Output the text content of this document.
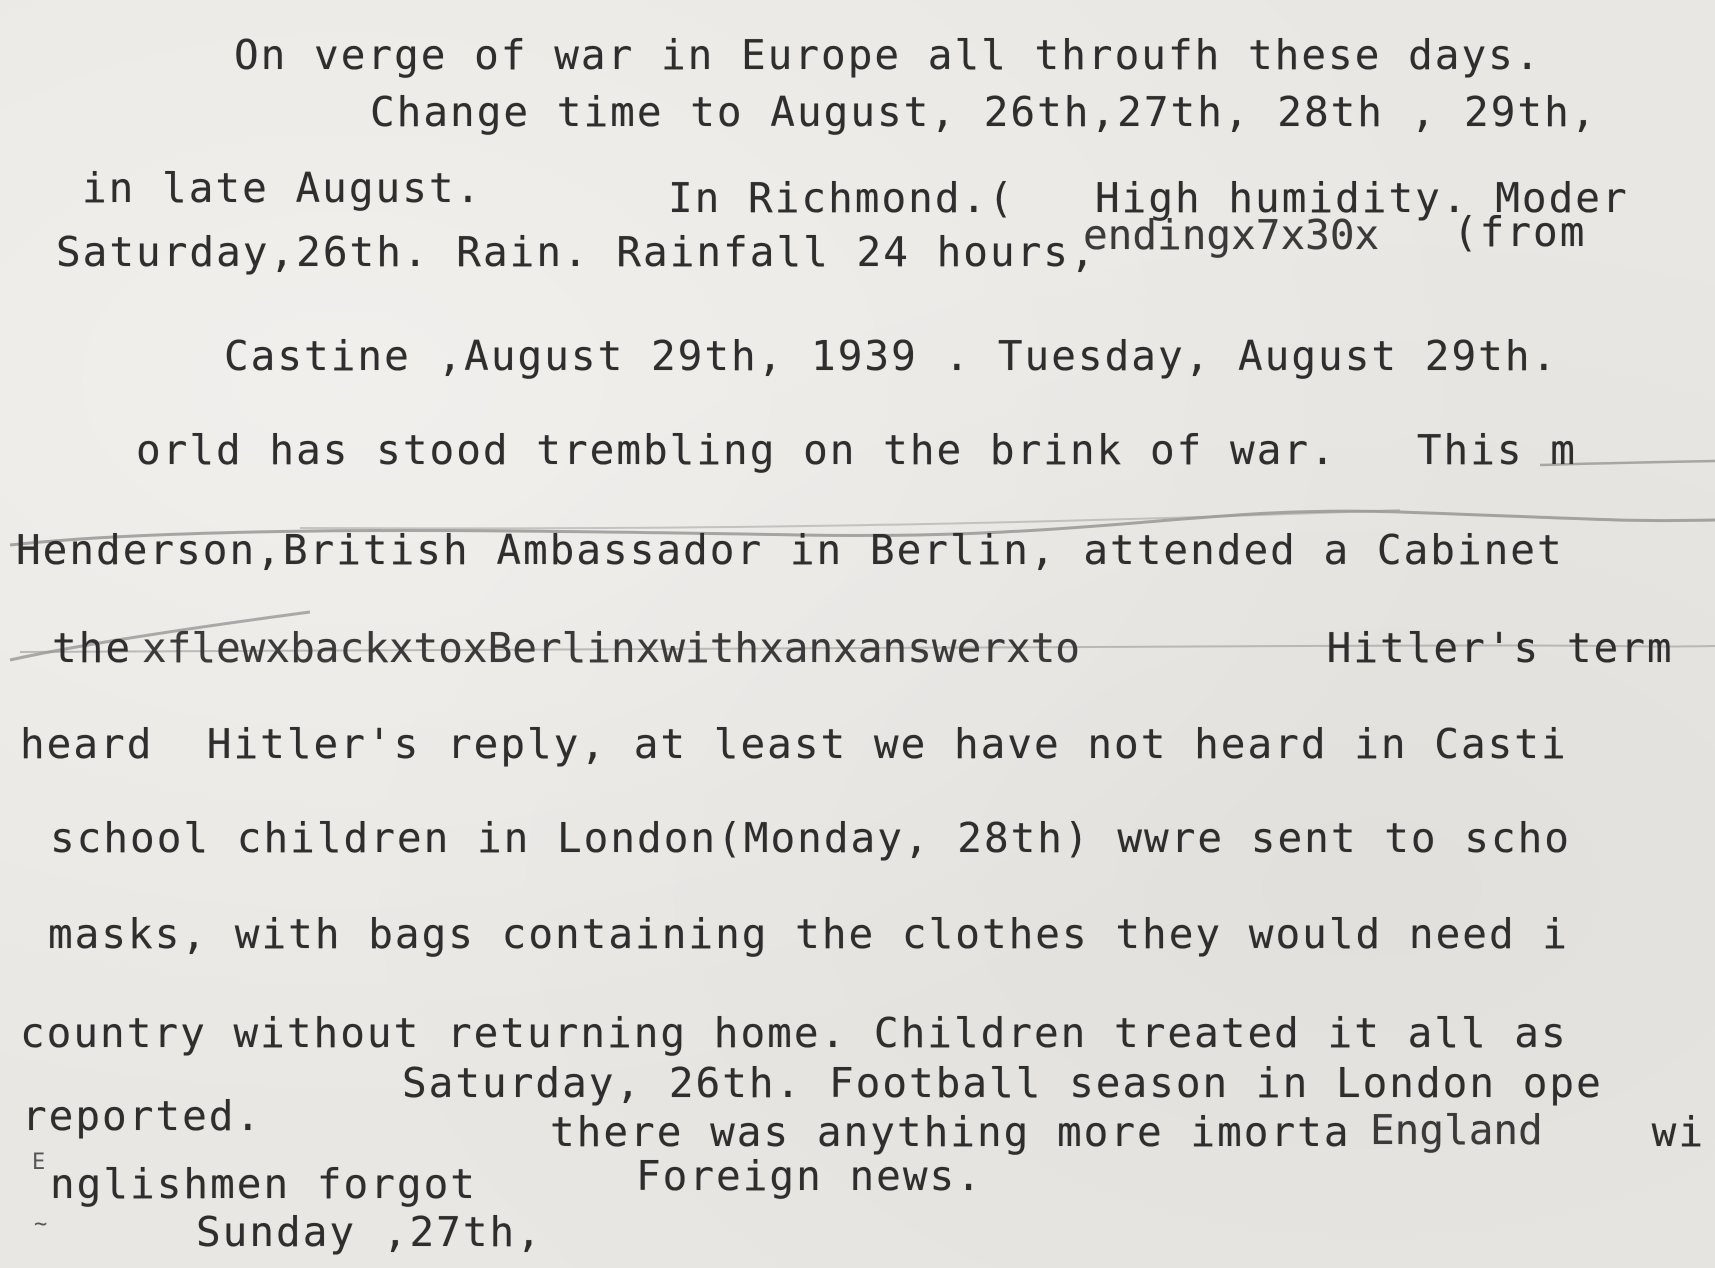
On verge of war in Europe all throufh these days.
Change time to August, 26th,27th, 28th , 29th,
in late August.	In Richmond.(   High humidity. Moder
Saturday,26th. Rain. Rainfall 24 hours,
endingx7x30x (from
Castine ,August 29th, 1939 . Tuesday, August 29th.
orld has stood trembling on the brink of war.   This m
Henderson,British Ambassador in Berlin, attended a Cabinet
the xflewxbackxtoxBerlinxwithxanxanswerxto	Hitler's term
heard  Hitler's reply, at least we have not heard in Casti
school children in London(Monday, 28th) wwre sent to scho
masks, with bags containing the clothes they would need i
country without returning home. Children treated it all as
Saturday, 26th. Football season in London ope
reported.	there was anything more imorta England wi
E nglishmen forgot	Foreign news.
~	Sunday ,27th,
